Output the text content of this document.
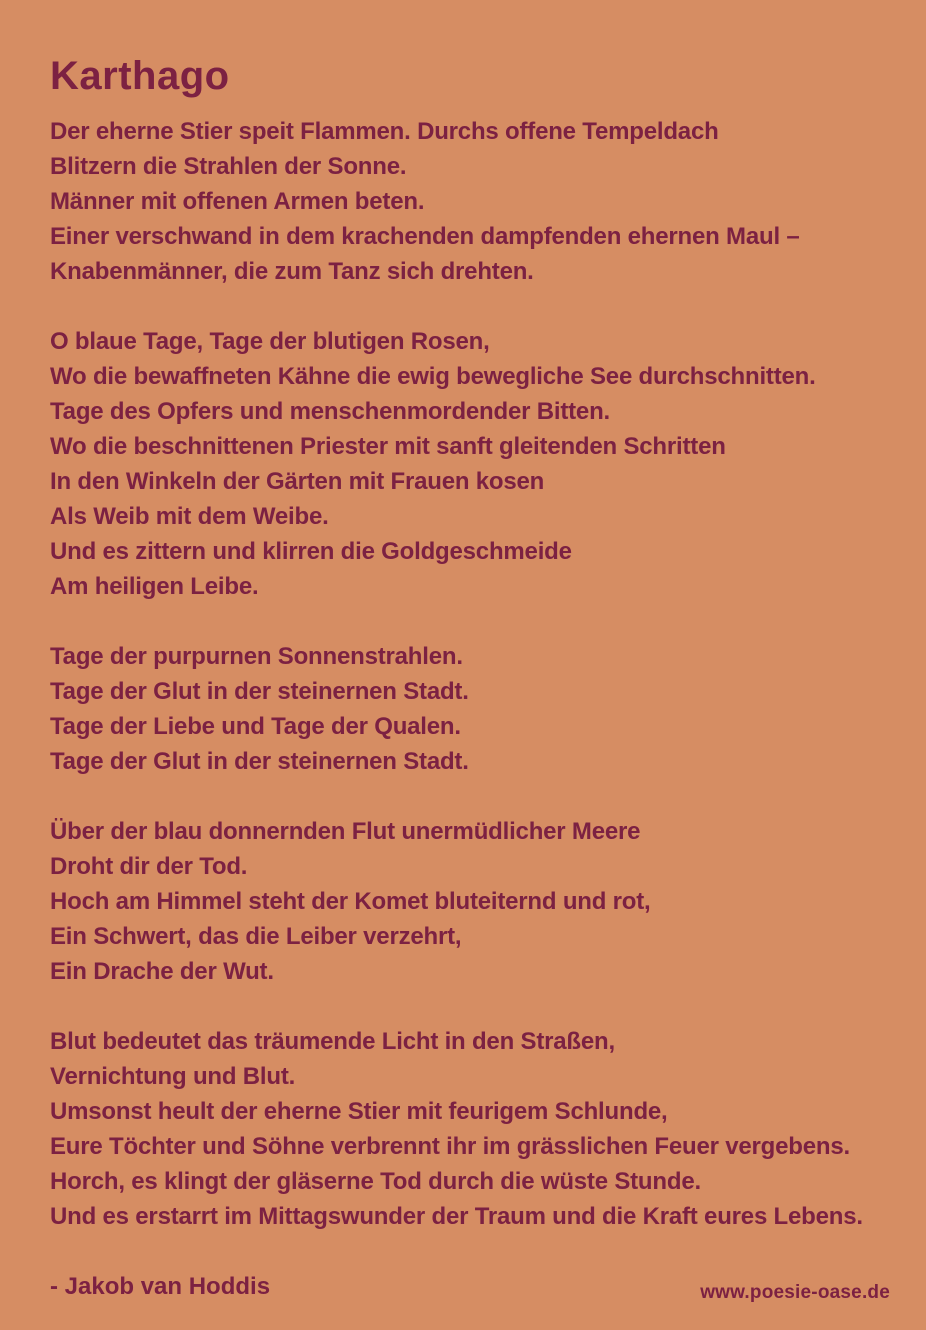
Karthago

Der eherne Stier speit Flammen. Durchs offene Tempeldach

Blitzern die Strahlen der Sonne.

Männer mit offenen Armen beten.

Einer verschwand in dem krachenden dampfenden ehernen Maul –

Knabenmänner, die zum Tanz sich drehten.

O blaue Tage, Tage der blutigen Rosen,

Wo die bewaffneten Kähne die ewig bewegliche See durchschnitten.

Tage des Opfers und menschenmordender Bitten.

Wo die beschnittenen Priester mit sanft gleitenden Schritten

In den Winkeln der Gärten mit Frauen kosen

Als Weib mit dem Weibe.

Und es zittern und klirren die Goldgeschmeide

Am heiligen Leibe.

Tage der purpurnen Sonnenstrahlen.

Tage der Glut in der steinernen Stadt.

Tage der Liebe und Tage der Qualen.

Tage der Glut in der steinernen Stadt.

Über der blau donnernden Flut unermüdlicher Meere

Droht dir der Tod.

Hoch am Himmel steht der Komet bluteiternd und rot,

Ein Schwert, das die Leiber verzehrt,

Ein Drache der Wut.

Blut bedeutet das träumende Licht in den Straßen,

Vernichtung und Blut.

Umsonst heult der eherne Stier mit feurigem Schlunde,

Eure Töchter und Söhne verbrennt ihr im grässlichen Feuer vergebens.

Horch, es klingt der gläserne Tod durch die wüste Stunde.

Und es erstarrt im Mittagswunder der Traum und die Kraft eures Lebens.

- Jakob van Hoddis	www.poesie-oase.de
